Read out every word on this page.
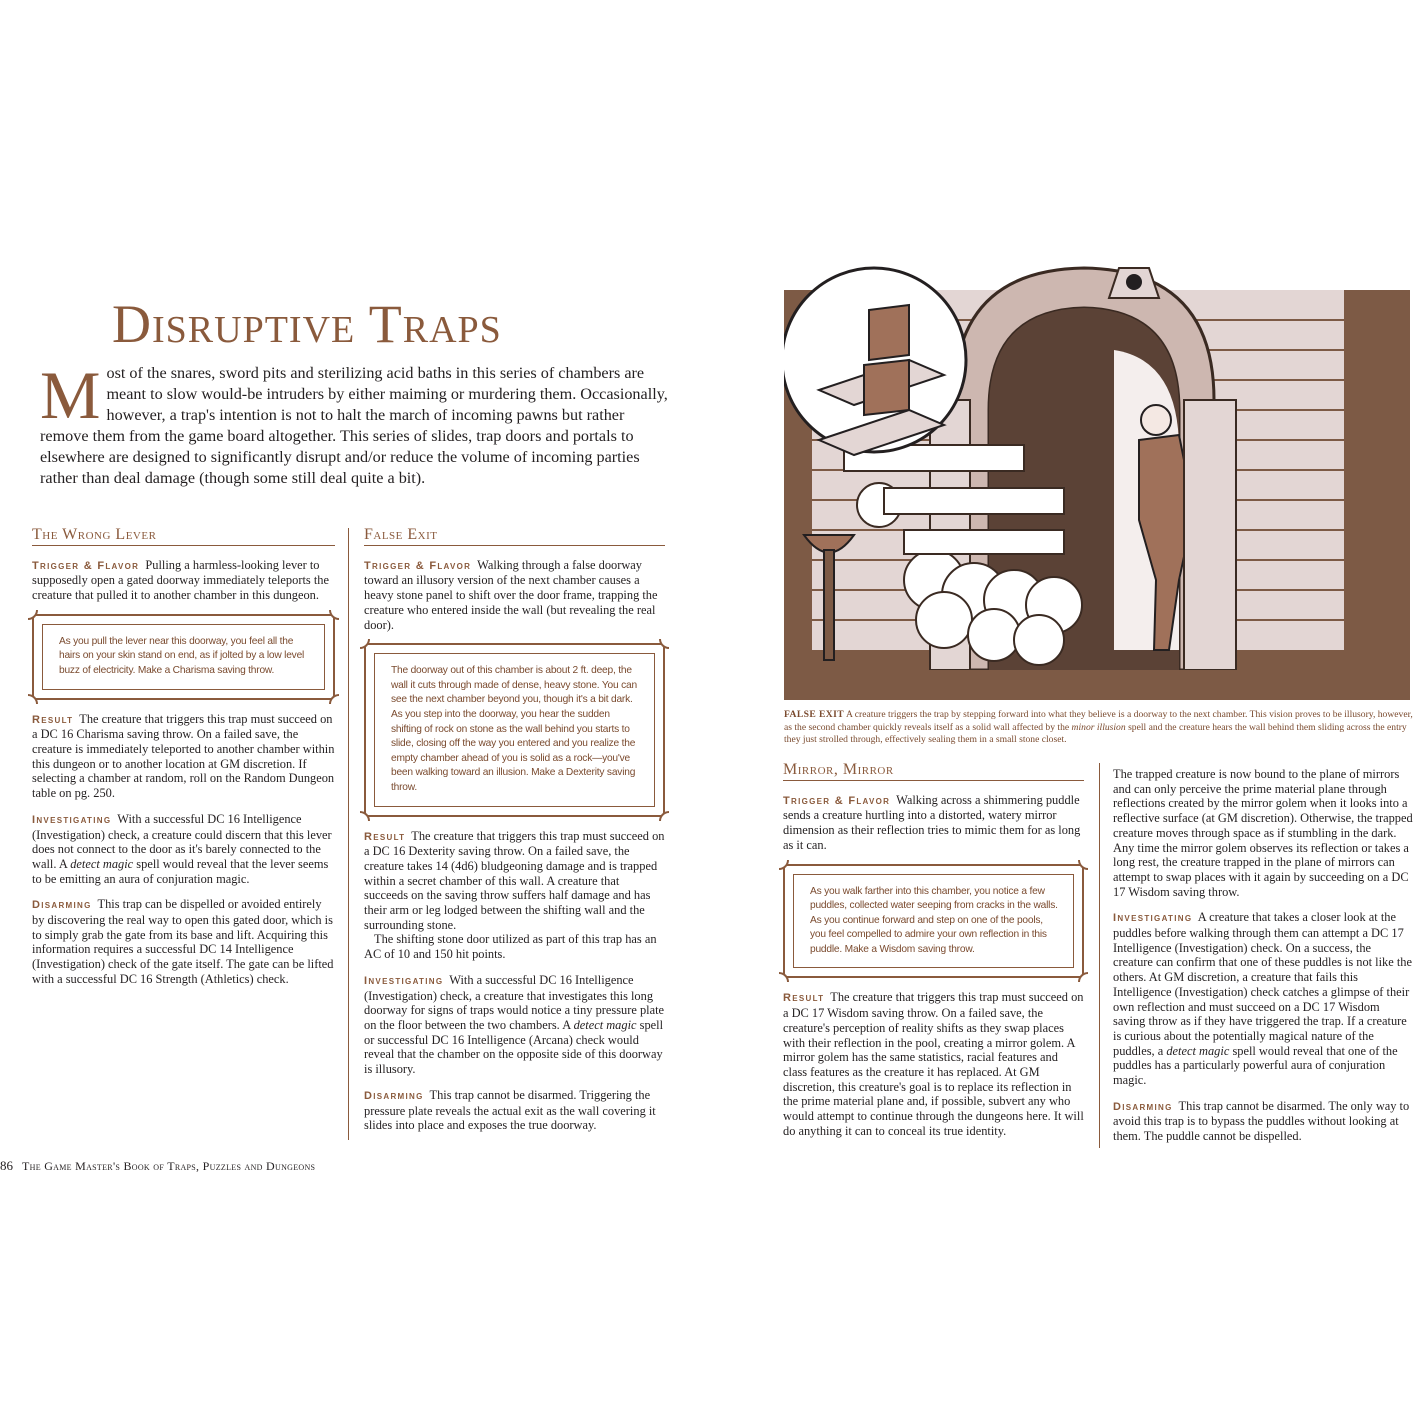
Disruptive Traps
Most of the snares, sword pits and sterilizing acid baths in this series of chambers are meant to slow would-be intruders by either maiming or murdering them. Occasionally, however, a trap's intention is not to halt the march of incoming pawns but rather remove them from the game board altogether. This series of slides, trap doors and portals to elsewhere are designed to significantly disrupt and/or reduce the volume of incoming parties rather than deal damage (though some still deal quite a bit).
The Wrong Lever

Trigger & Flavor Pulling a harmless-looking lever to supposedly open a gated doorway immediately teleports the creature that pulled it to another chamber in this dungeon.

As you pull the lever near this doorway, you feel all the hairs on your skin stand on end, as if jolted by a low level buzz of electricity. Make a Charisma saving throw.

Result The creature that triggers this trap must succeed on a DC 16 Charisma saving throw. On a failed save, the creature is immediately teleported to another chamber within this dungeon or to another location at GM discretion. If selecting a chamber at random, roll on the Random Dungeon table on pg. 250.

Investigating With a successful DC 16 Intelligence (Investigation) check, a creature could discern that this lever does not connect to the door as it's barely connected to the wall. A detect magic spell would reveal that the lever seems to be emitting an aura of conjuration magic.

Disarming This trap can be dispelled or avoided entirely by discovering the real way to open this gated door, which is to simply grab the gate from its base and lift. Acquiring this information requires a successful DC 14 Intelligence (Investigation) check of the gate itself. The gate can be lifted with a successful DC 16 Strength (Athletics) check.

False Exit

Trigger & Flavor Walking through a false doorway toward an illusory version of the next chamber causes a heavy stone panel to shift over the door frame, trapping the creature who entered inside the wall (but revealing the real door).

The doorway out of this chamber is about 2 ft. deep, the wall it cuts through made of dense, heavy stone. You can see the next chamber beyond you, though it's a bit dark. As you step into the doorway, you hear the sudden shifting of rock on stone as the wall behind you starts to slide, closing off the way you entered and you realize the empty chamber ahead of you is solid as a rock—you've been walking toward an illusion. Make a Dexterity saving throw.

Result The creature that triggers this trap must succeed on a DC 16 Dexterity saving throw. On a failed save, the creature takes 14 (4d6) bludgeoning damage and is trapped within a secret chamber of this wall. A creature that succeeds on the saving throw suffers half damage and has their arm or leg lodged between the shifting wall and the surrounding stone.

The shifting stone door utilized as part of this trap has an AC of 10 and 150 hit points.

Investigating With a successful DC 16 Intelligence (Investigation) check, a creature that investigates this long doorway for signs of traps would notice a tiny pressure plate on the floor between the two chambers. A detect magic spell or successful DC 16 Intelligence (Arcana) check would reveal that the chamber on the opposite side of this doorway is illusory.

Disarming This trap cannot be disarmed. Triggering the pressure plate reveals the actual exit as the wall covering it slides into place and exposes the true doorway.

86 The Game Master's Book of Traps, Puzzles and Dungeons
FALSE EXIT A creature triggers the trap by stepping forward into what they believe is a doorway to the next chamber. This vision proves to be illusory, however, as the second chamber quickly reveals itself as a solid wall affected by the minor illusion spell and the creature hears the wall behind them sliding across the entry they just strolled through, effectively sealing them in a small stone closet.
Mirror, Mirror

Trigger & Flavor Walking across a shimmering puddle sends a creature hurtling into a distorted, watery mirror dimension as their reflection tries to mimic them for as long as it can.

As you walk farther into this chamber, you notice a few puddles, collected water seeping from cracks in the walls. As you continue forward and step on one of the pools, you feel compelled to admire your own reflection in this puddle. Make a Wisdom saving throw.

Result The creature that triggers this trap must succeed on a DC 17 Wisdom saving throw. On a failed save, the creature's perception of reality shifts as they swap places with their reflection in the pool, creating a mirror golem. A mirror golem has the same statistics, racial features and class features as the creature it has replaced. At GM discretion, this creature's goal is to replace its reflection in the prime material plane and, if possible, subvert any who would attempt to continue through the dungeons here. It will do anything it can to conceal its true identity.

The trapped creature is now bound to the plane of mirrors and can only perceive the prime material plane through reflections created by the mirror golem when it looks into a reflective surface (at GM discretion). Otherwise, the trapped creature moves through space as if stumbling in the dark. Any time the mirror golem observes its reflection or takes a long rest, the creature trapped in the plane of mirrors can attempt to swap places with it again by succeeding on a DC 17 Wisdom saving throw.

Investigating A creature that takes a closer look at the puddles before walking through them can attempt a DC 17 Intelligence (Investigation) check. On a success, the creature can confirm that one of these puddles is not like the others. At GM discretion, a creature that fails this Intelligence (Investigation) check catches a glimpse of their own reflection and must succeed on a DC 17 Wisdom saving throw as if they have triggered the trap. If a creature is curious about the potentially magical nature of the puddles, a detect magic spell would reveal that one of the puddles has a particularly powerful aura of conjuration magic.

Disarming This trap cannot be disarmed. The only way to avoid this trap is to bypass the puddles without looking at them. The puddle cannot be dispelled.
